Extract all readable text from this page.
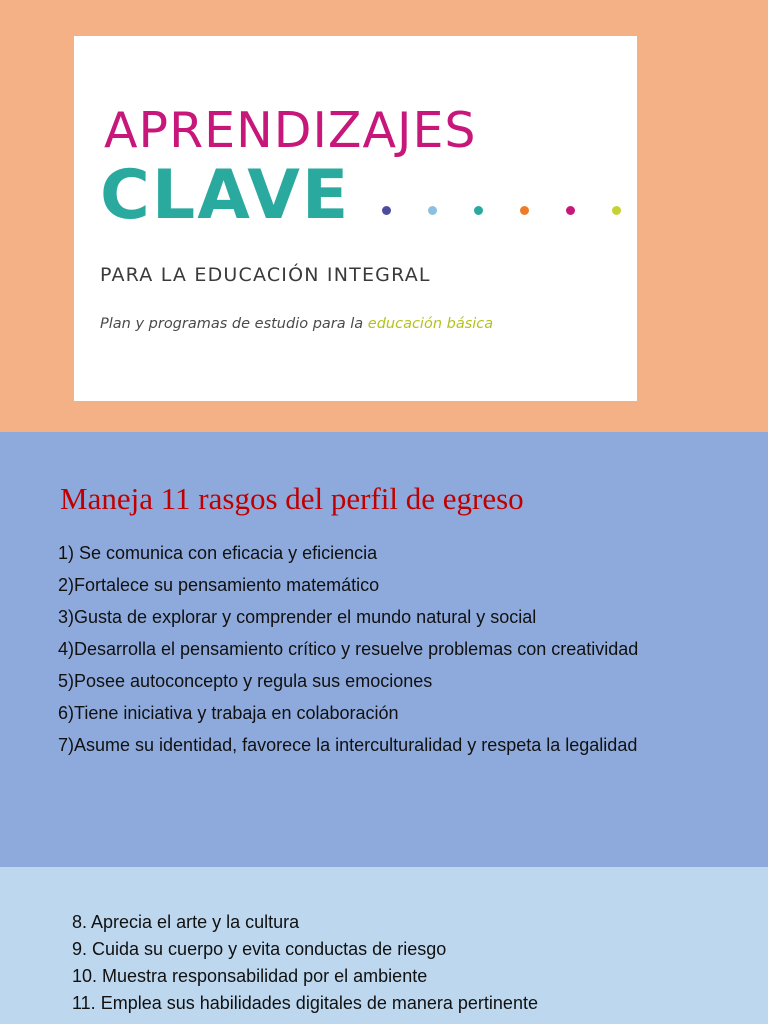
APRENDIZAJES
CLAVE

PARA LA EDUCACIÓN INTEGRAL

Plan y programas de estudio para la educación básica

Maneja 11 rasgos del perfil de egreso
1) Se comunica con eficacia y eficiencia
2)Fortalece su pensamiento matemático
3)Gusta de explorar y comprender el mundo natural y social
4)Desarrolla el pensamiento crítico y resuelve problemas con creatividad
5)Posee autoconcepto y regula sus emociones
6)Tiene iniciativa y trabaja en colaboración
7)Asume su identidad, favorece la interculturalidad y respeta la legalidad
8. Aprecia el arte y la cultura
9. Cuida su cuerpo y evita conductas de riesgo
10. Muestra responsabilidad por el ambiente
11. Emplea sus habilidades digitales de manera pertinente
